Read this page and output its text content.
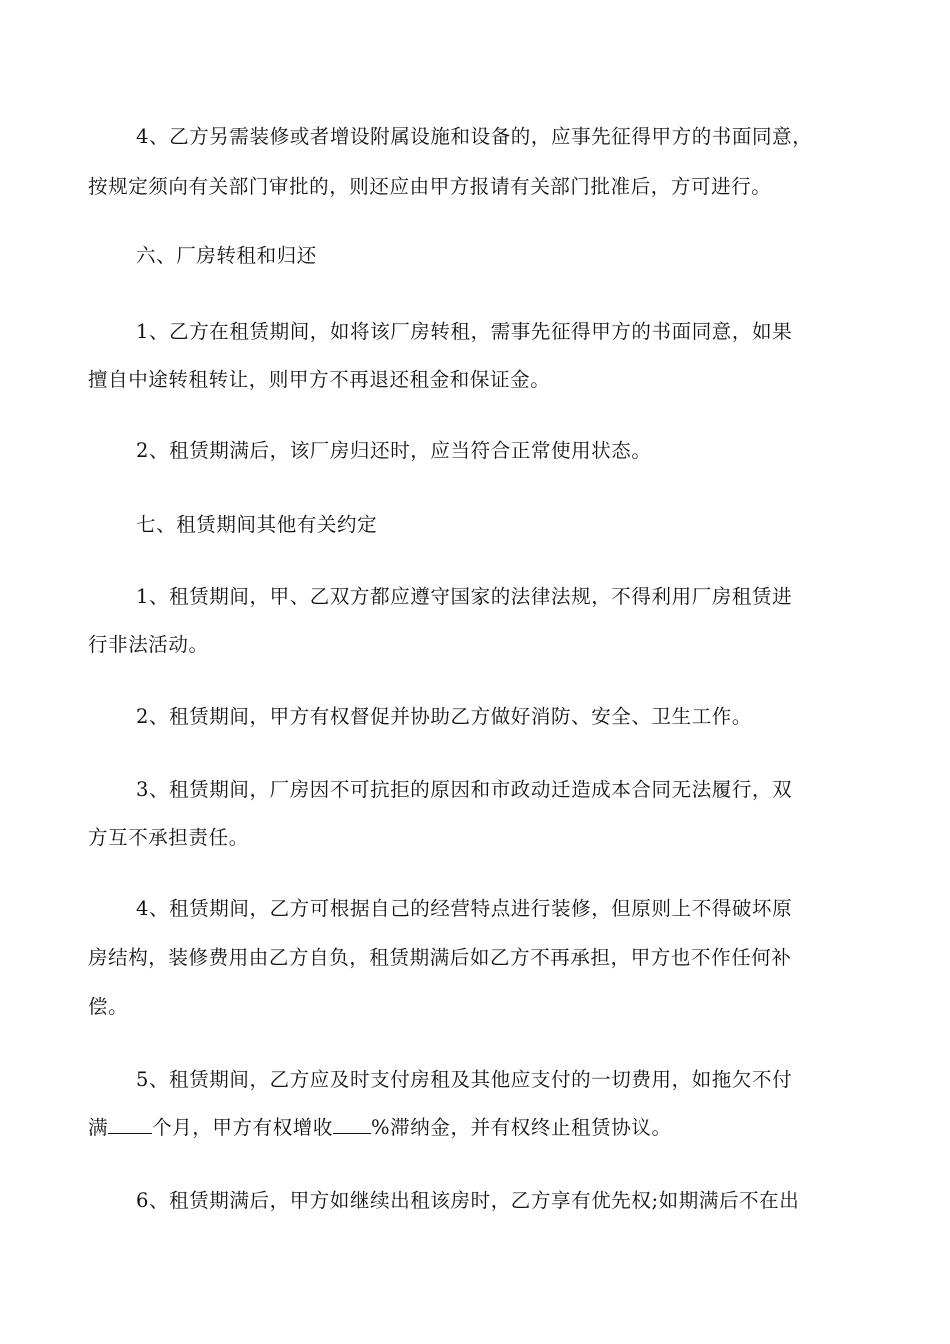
4、乙方另需装修或者增设附属设施和设备的，应事先征得甲方的书面同意，
按规定须向有关部门审批的，则还应由甲方报请有关部门批准后，方可进行。
六、厂房转租和归还
1、乙方在租赁期间，如将该厂房转租，需事先征得甲方的书面同意，如果
擅自中途转租转让，则甲方不再退还租金和保证金。
2、租赁期满后，该厂房归还时，应当符合正常使用状态。
七、租赁期间其他有关约定
1、租赁期间，甲、乙双方都应遵守国家的法律法规，不得利用厂房租赁进
行非法活动。
2、租赁期间，甲方有权督促并协助乙方做好消防、安全、卫生工作。
3、租赁期间，厂房因不可抗拒的原因和市政动迁造成本合同无法履行，双
方互不承担责任。
4、租赁期间，乙方可根据自己的经营特点进行装修，但原则上不得破坏原
房结构，装修费用由乙方自负，租赁期满后如乙方不再承担，甲方也不作任何补
偿。
5、租赁期间，乙方应及时支付房租及其他应支付的一切费用，如拖欠不付
满 个月，甲方有权增收 %滞纳金，并有权终止租赁协议。
6、租赁期满后，甲方如继续出租该房时，乙方享有优先权;如期满后不在出
